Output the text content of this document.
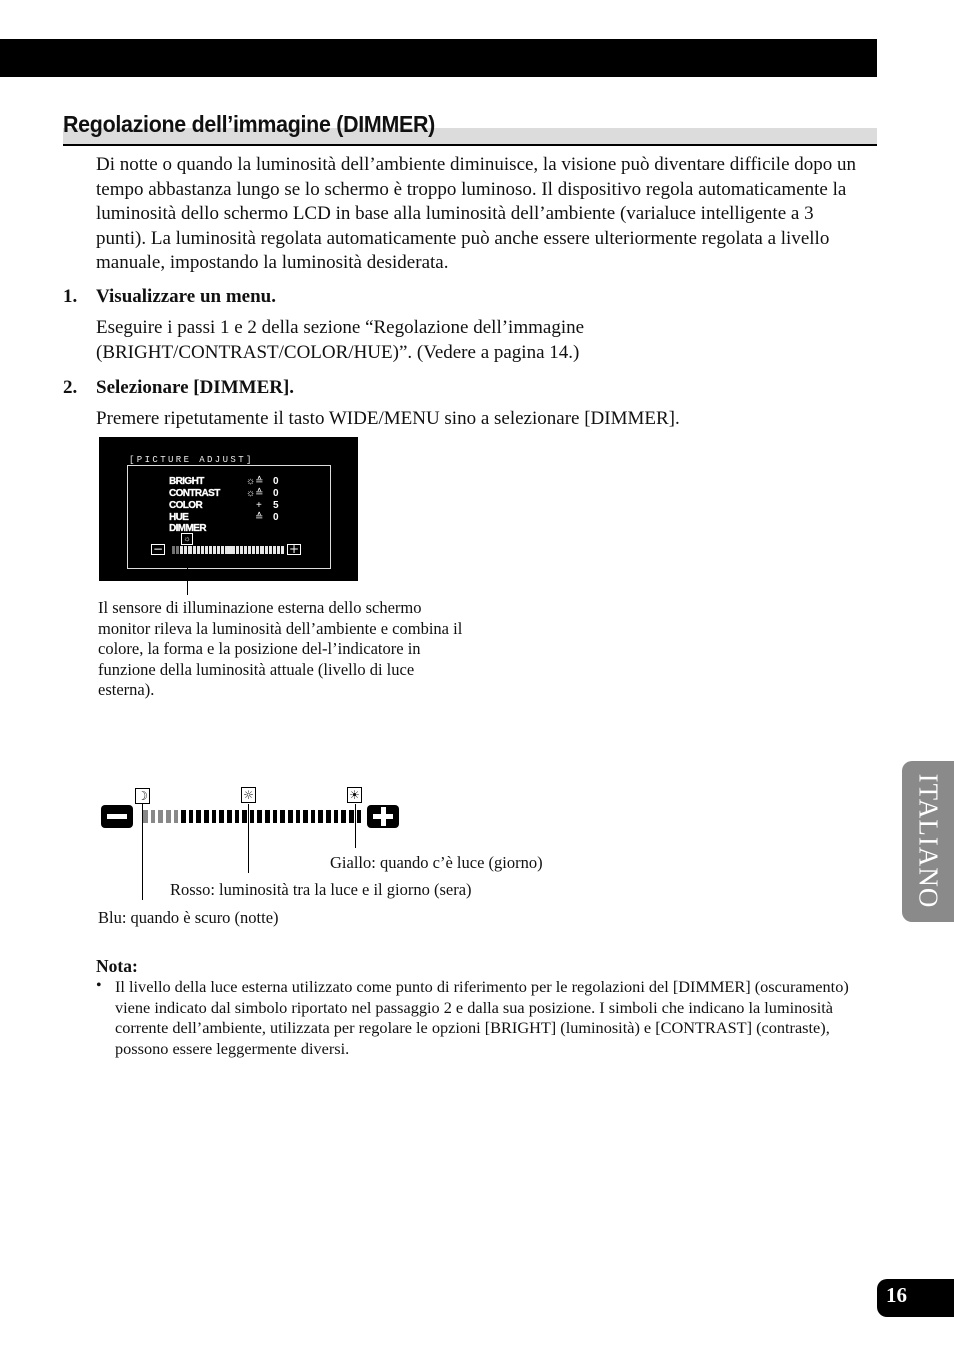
Regolazione dell’immagine (DIMMER)
Di notte o quando la luminosità dell’ambiente diminuisce, la visione può diventare difficile dopo un tempo abbastanza lungo se lo schermo è troppo luminoso. Il dispositivo regola automaticamente la luminosità dello schermo LCD in base alla luminosità dell’ambiente (varialuce intelligente a 3 punti). La luminosità regolata automaticamente può anche essere ulteriormente regolata a livello manuale, impostando la luminosità desiderata.
1. Visualizzare un menu.
Eseguire i passi 1 e 2 della sezione “Regolazione dell’immagine (BRIGHT/CONTRAST/COLOR/HUE)”. (Vedere a pagina 14.)
2. Selezionare [DIMMER].
Premere ripetutamente il tasto WIDE/MENU sino a selezionare [DIMMER].
[PICTURE ADJUST]
BRIGHT
CONTRAST
COLOR
HUE
DIMMER
☼≙ 0
☼≙ 0
+ 5
≙ 0
☼
−	+
Il sensore di illuminazione esterna dello schermo monitor rileva la luminosità dell’ambiente e combina il colore, la forma e la posizione del-l’indicatore in funzione della luminosità attuale (livello di luce esterna).
☽	☼	☀
Giallo: quando c’è luce (giorno)
Rosso: luminosità tra la luce e il giorno (sera)
Blu: quando è scuro (notte)
Nota:
• Il livello della luce esterna utilizzato come punto di riferimento per le regolazioni del [DIMMER] (oscuramento) viene indicato dal simbolo riportato nel passaggio 2 e dalla sua posizione. I simboli che indicano la luminosità corrente dell’ambiente, utilizzata per regolare le opzioni [BRIGHT] (luminosità) e [CONTRAST] (contraste), possono essere leggermente diversi.
ITALIANO
16
